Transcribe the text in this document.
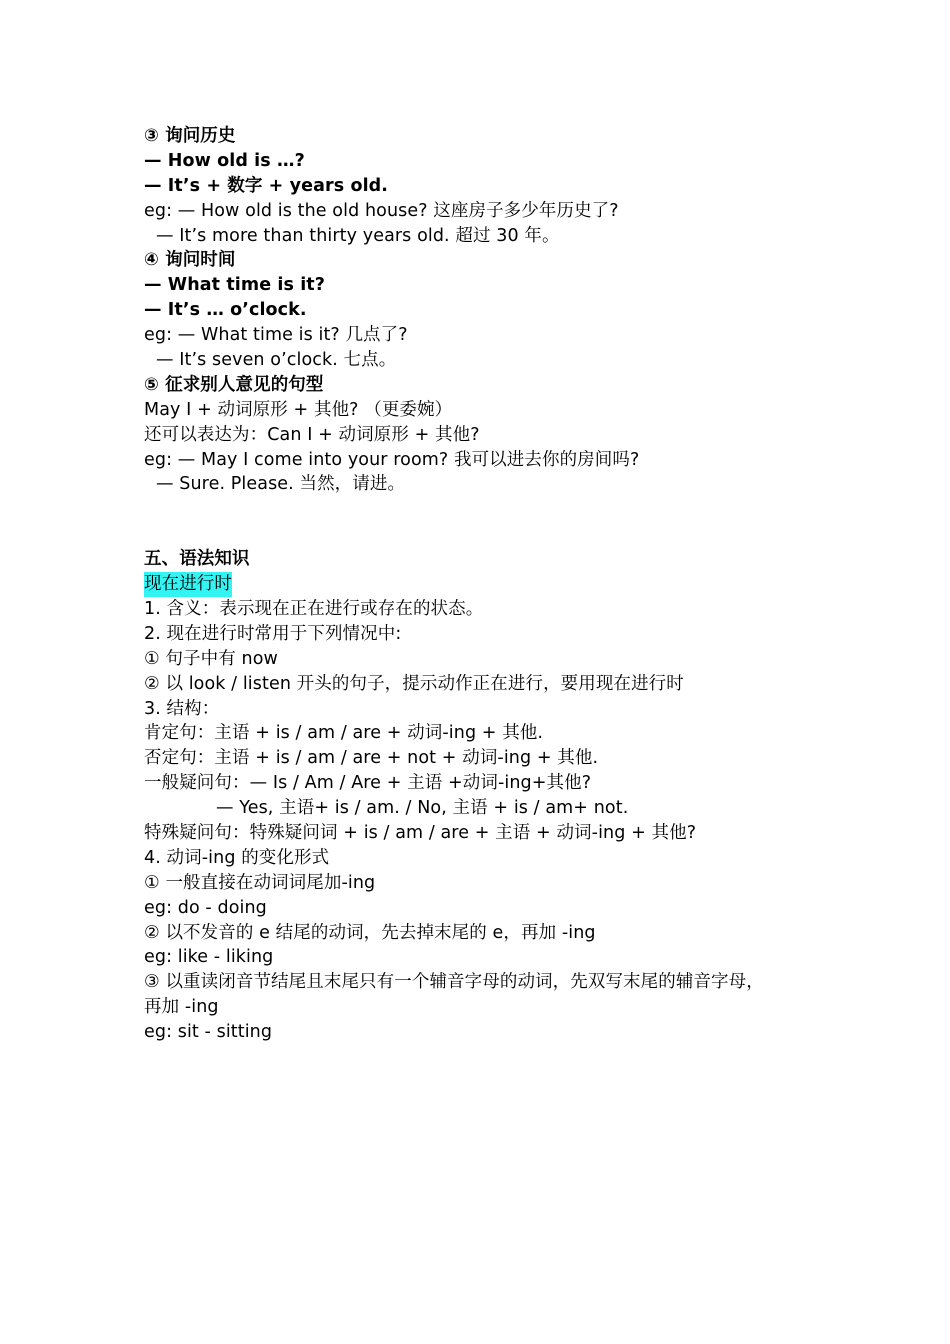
③ 询问历史
— How old is …?
— It’s + 数字 + years old.
eg: — How old is the old house? 这座房子多少年历史了?
— It’s more than thirty years old. 超过 30 年。
④ 询问时间
— What time is it?
— It’s … o’clock.
eg: — What time is it? 几点了?
— It’s seven o’clock. 七点。
⑤ 征求别人意见的句型
May I + 动词原形 + 其他? （更委婉）
还可以表达为：Can I + 动词原形 + 其他?
eg: — May I come into your room? 我可以进去你的房间吗?
— Sure. Please. 当然，请进。
五、语法知识
现在进行时
1. 含义：表示现在正在进行或存在的状态。
2. 现在进行时常用于下列情况中:
① 句子中有 now
② 以 look / listen 开头的句子，提示动作正在进行，要用现在进行时
3. 结构：
肯定句：主语 + is / am / are + 动词-ing + 其他.
否定句：主语 + is / am / are + not + 动词-ing + 其他.
一般疑问句：— Is / Am / Are + 主语 +动词-ing+其他?
— Yes, 主语+ is / am. / No, 主语 + is / am+ not.
特殊疑问句：特殊疑问词 + is / am / are + 主语 + 动词-ing + 其他?
4. 动词-ing 的变化形式
① 一般直接在动词词尾加-ing
eg: do - doing
② 以不发音的 e 结尾的动词，先去掉末尾的 e，再加 -ing
eg: like - liking
③ 以重读闭音节结尾且末尾只有一个辅音字母的动词，先双写末尾的辅音字母，
再加 -ing
eg: sit - sitting
